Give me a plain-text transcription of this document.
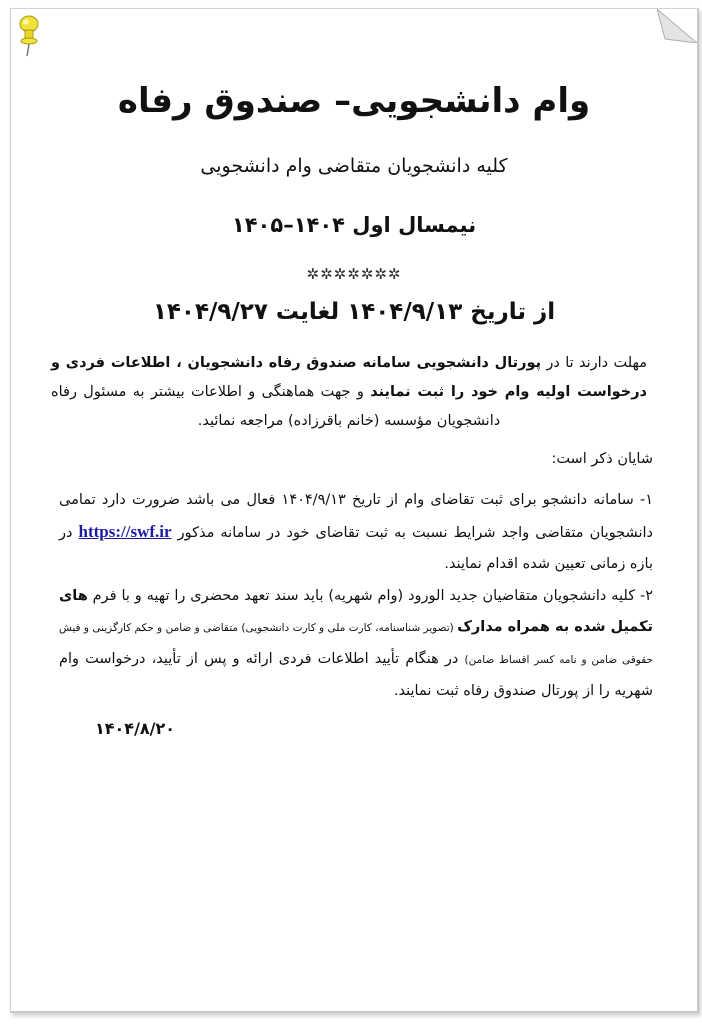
وام دانشجویی– صندوق رفاه
کلیه دانشجویان متقاضی وام دانشجویی
نیمسال اول ۱۴۰۴–۱۴۰۵
✲✲✲✲✲✲✲
از تاریخ ۱۴۰۴/۹/۱۳ لغایت ۱۴۰۴/۹/۲۷

مهلت دارند تا در پورتال دانشجویی سامانه صندوق رفاه دانشجویان ، اطلاعات فردی و درخواست اولیه وام خود را ثبت نمایند و جهت هماهنگی و اطلاعات بیشتر به مسئول رفاه دانشجویان مؤسسه (خانم باقرزاده) مراجعه نمائید.

شایان ذکر است:

۱- سامانه دانشجو برای ثبت تقاضای وام از تاریخ ۱۴۰۴/۹/۱۳ فعال می باشد ضرورت دارد تمامی دانشجویان متقاضی واجد شرایط نسبت به ثبت تقاضای خود در سامانه مذکور https://swf.ir در بازه زمانی تعیین شده اقدام نمایند.

۲- کلیه دانشجویان متقاضیان جدید الورود (وام شهریه) باید سند تعهد محضری را تهیه و با فرم های تکمیل شده به همراه مدارک (تصویر شناسنامه، کارت ملی و کارت دانشجویی) متقاضی و ضامن و حکم کارگزینی و فیش حقوقی ضامن و نامه کسر اقساط ضامن) در هنگام تأیید اطلاعات فردی ارائه و پس از تأیید، درخواست وام شهریه را از پورتال صندوق رفاه ثبت نمایند.

۱۴۰۴/۸/۲۰
